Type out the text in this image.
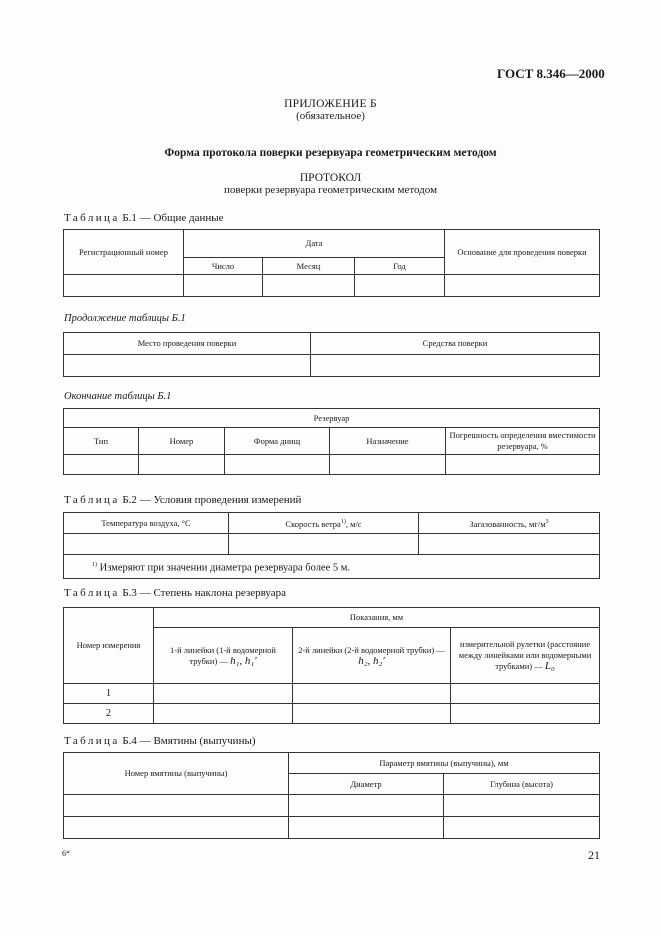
ГОСТ 8.346—2000
ПРИЛОЖЕНИЕ Б
(обязательное)
Форма протокола поверки резервуара геометрическим методом
ПРОТОКОЛ
поверки резервуара геометрическим методом
Таблица Б.1 — Общие данные
Регистрационный номер	Дата			Основание для проведения поверки
	Число	Месяц	Год	

Продолжение таблицы Б.1
Место проведения поверки	Средства поверки

Окончание таблицы Б.1
Резервуар				
Тип	Номер	Форма днищ	Назначение	Погрешность определения вместимости резервуара, %

Таблица Б.2 — Условия проведения измерений
Температура воздуха, °С	Скорость ветра$^{1)}$, м/с	Загазованность, $мг/м^3$

$^{1)}$ Измеряют при значении диаметра резервуара более 5 м.		
Таблица Б.3 — Степень наклона резервуара
Номер измерения	Показания, мм		
	1-й линейки (1-й водомерной трубки) — h₁, h₁′	2-й линейки (2-й водомерной трубки) — h₂, h₂′	измерительной рулетки (расстояние между линейками или водомерными трубками) — L₀
1			
2			
Таблица Б.4 — Вмятины (выпучины)
Номер вмятины (выпучины)	Параметр вмятины (выпучины), мм	
	Диаметр	Глубина (высота)

6*	21
